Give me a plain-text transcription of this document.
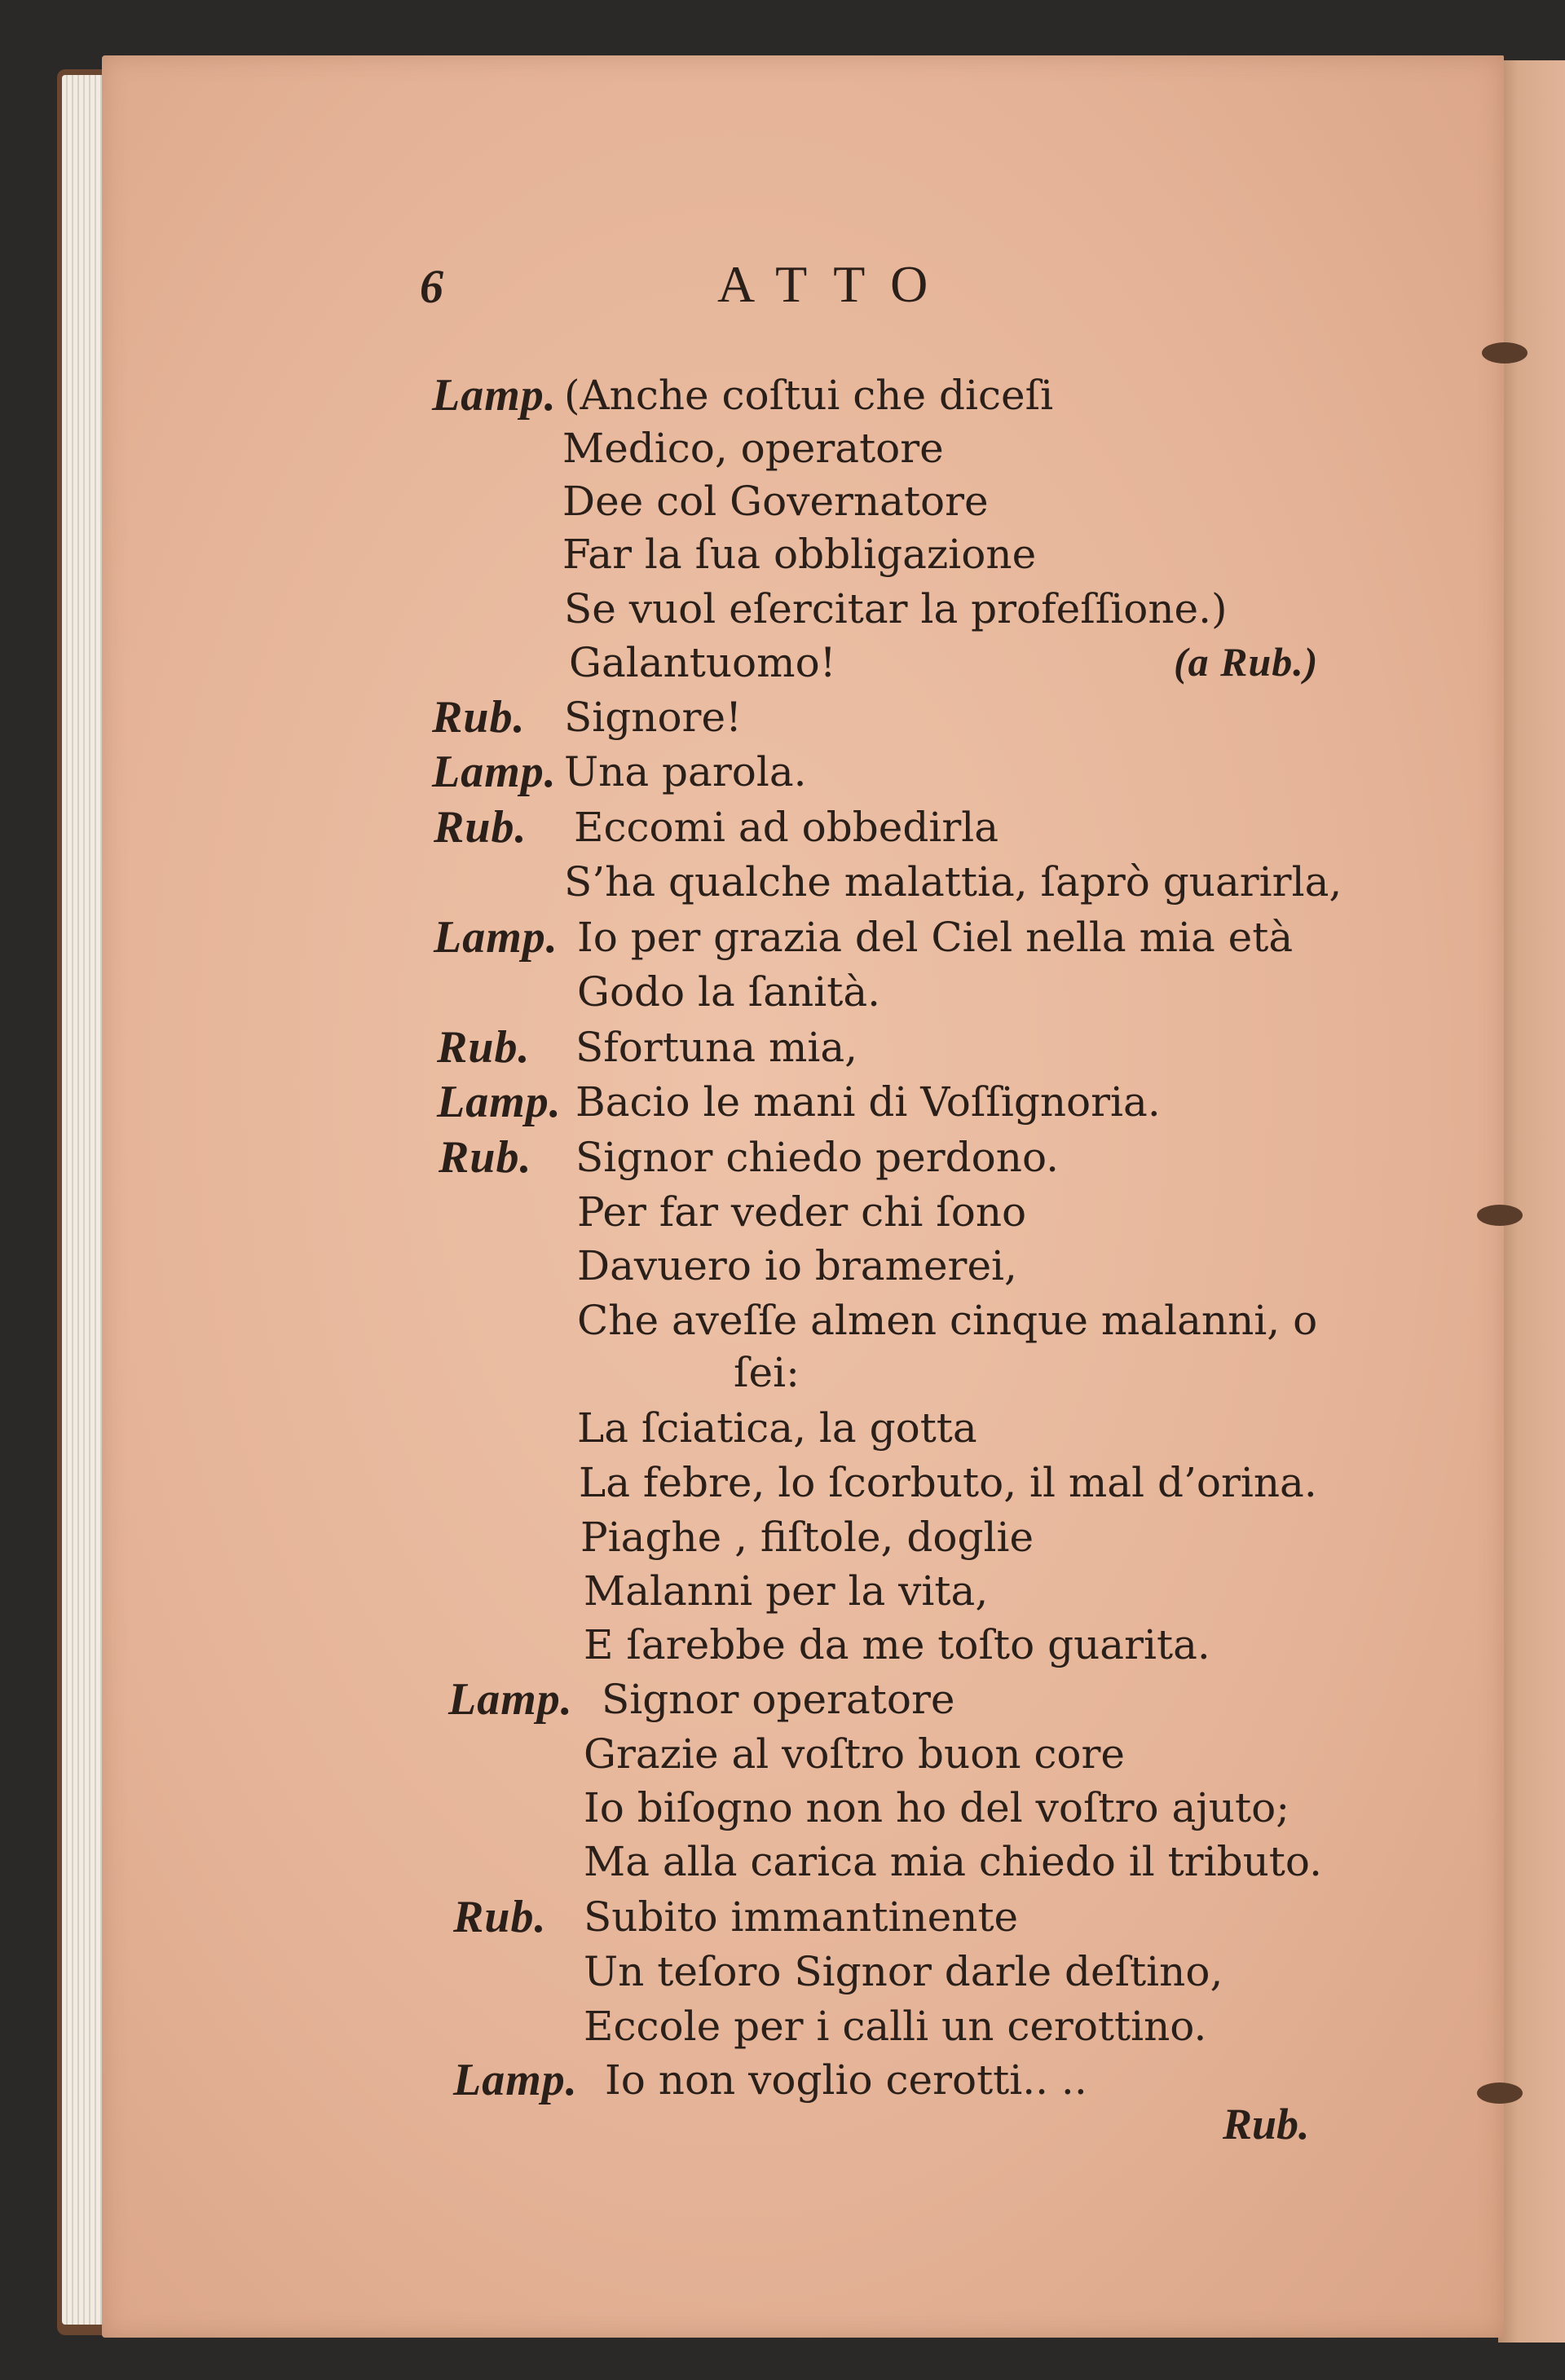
6	ATTO
Lamp. (Anche coſtui che diceſi
Medico, operatore
Dee col Governatore
Far la ſua obbligazione
Se vuol eſercitar la profeſſione.)
Galantuomo!	(a Rub.)
Rub. Signore!
Lamp. Una parola.
Rub. Eccomi ad obbedirla
S’ha qualche malattia, ſaprò guarirla,
Lamp. Io per grazia del Ciel nella mia età
Godo la ſanità.
Rub. Sfortuna mia,
Lamp. Bacio le mani di Voſſignoria.
Rub. Signor chiedo perdono.
Per far veder chi ſono
Davuero io bramerei,
Che aveſſe almen cinque malanni, o
ſei:
La ſciatica, la gotta
La febre, lo ſcorbuto, il mal d’orina.
Piaghe , fiſtole, doglie
Malanni per la vita,
E ſarebbe da me toſto guarita.
Lamp. Signor operatore
Grazie al voſtro buon core
Io biſogno non ho del voſtro ajuto;
Ma alla carica mia chiedo il tributo.
Rub. Subito immantinente
Un teſoro Signor darle deſtino,
Eccole per i calli un cerottino.
Lamp. Io non voglio cerotti.. ..
Rub.
